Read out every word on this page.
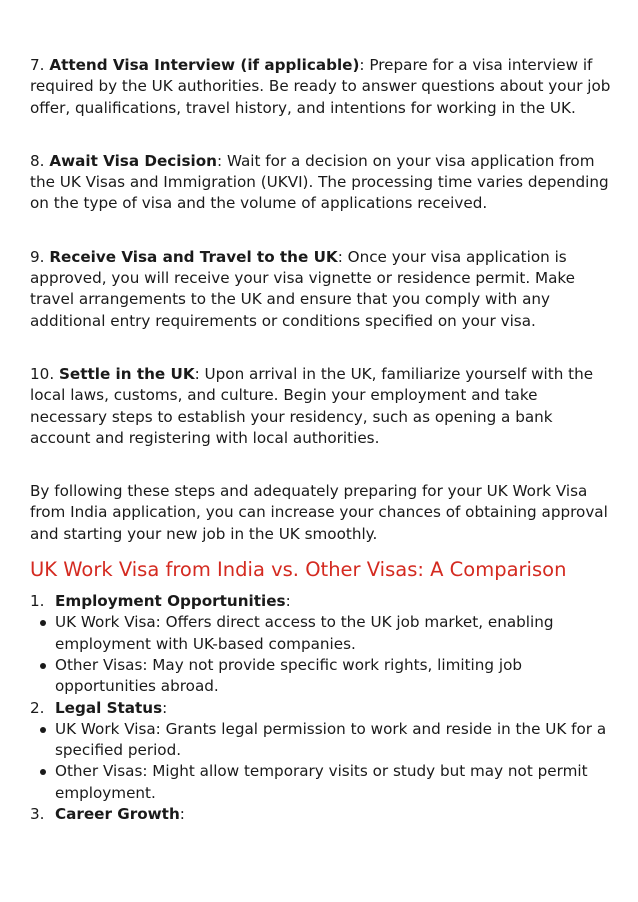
7. Attend Visa Interview (if applicable): Prepare for a visa interview if required by the UK authorities. Be ready to answer questions about your job offer, qualifications, travel history, and intentions for working in the UK.

8. Await Visa Decision: Wait for a decision on your visa application from the UK Visas and Immigration (UKVI). The processing time varies depending on the type of visa and the volume of applications received.

9. Receive Visa and Travel to the UK: Once your visa application is approved, you will receive your visa vignette or residence permit. Make travel arrangements to the UK and ensure that you comply with any additional entry requirements or conditions specified on your visa.

10. Settle in the UK: Upon arrival in the UK, familiarize yourself with the local laws, customs, and culture. Begin your employment and take necessary steps to establish your residency, such as opening a bank account and registering with local authorities.

By following these steps and adequately preparing for your UK Work Visa from India application, you can increase your chances of obtaining approval and starting your new job in the UK smoothly.

UK Work Visa from India vs. Other Visas: A Comparison
1. Employment Opportunities:
UK Work Visa: Offers direct access to the UK job market, enabling employment with UK-based companies.
Other Visas: May not provide specific work rights, limiting job opportunities abroad.
2. Legal Status:
UK Work Visa: Grants legal permission to work and reside in the UK for a specified period.
Other Visas: Might allow temporary visits or study but may not permit employment.
3. Career Growth:
